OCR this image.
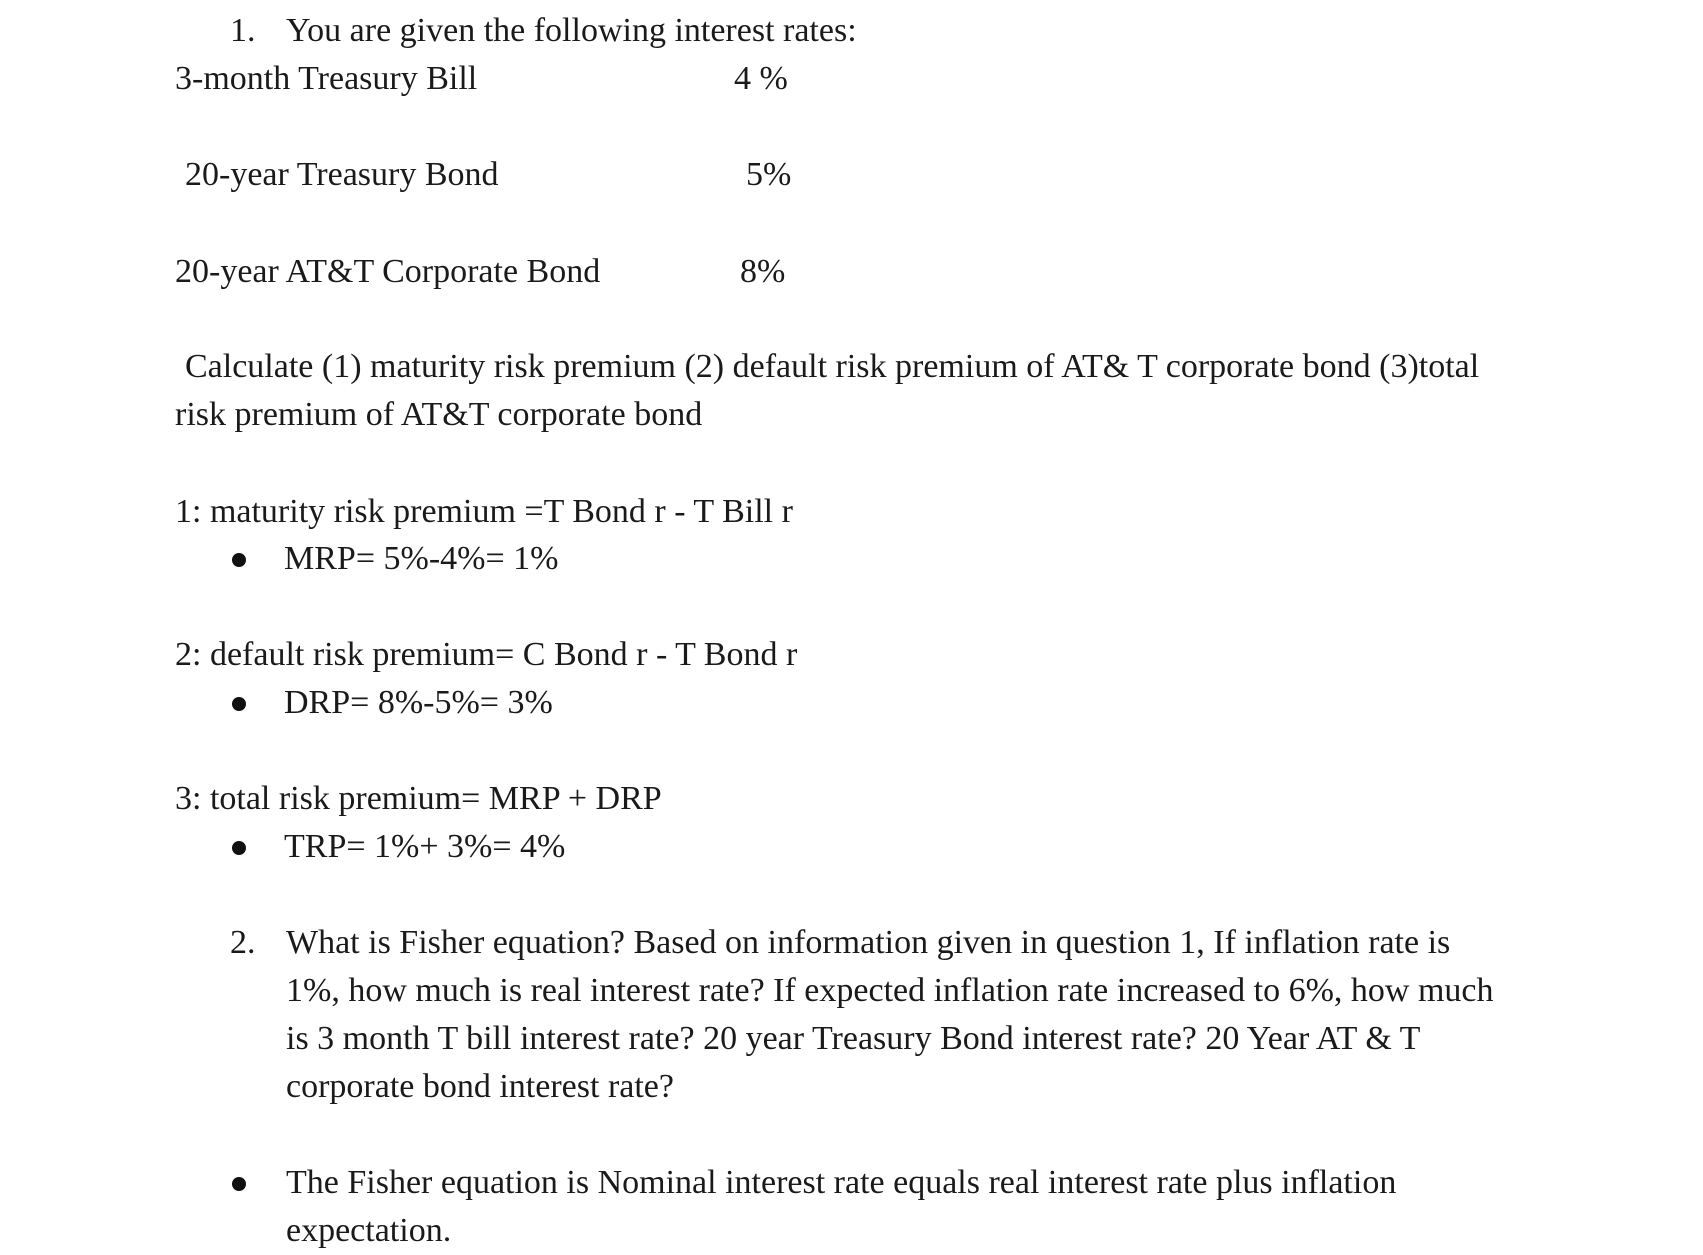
1. You are given the following interest rates:
3-month Treasury Bill	4 %
20-year Treasury Bond	5%
20-year AT&T Corporate Bond	8%
Calculate (1) maturity risk premium (2) default risk premium of AT& T corporate bond (3)total
risk premium of AT&T corporate bond
1: maturity risk premium =T Bond r - T Bill r
MRP= 5%-4%= 1%
2: default risk premium= C Bond r - T Bond r
DRP= 8%-5%= 3%
3: total risk premium= MRP + DRP
TRP= 1%+ 3%= 4%
2. What is Fisher equation? Based on information given in question 1, If inflation rate is
1%, how much is real interest rate? If expected inflation rate increased to 6%, how much
is 3 month T bill interest rate? 20 year Treasury Bond interest rate? 20 Year AT & T
corporate bond interest rate?
The Fisher equation is Nominal interest rate equals real interest rate plus inflation
expectation.
